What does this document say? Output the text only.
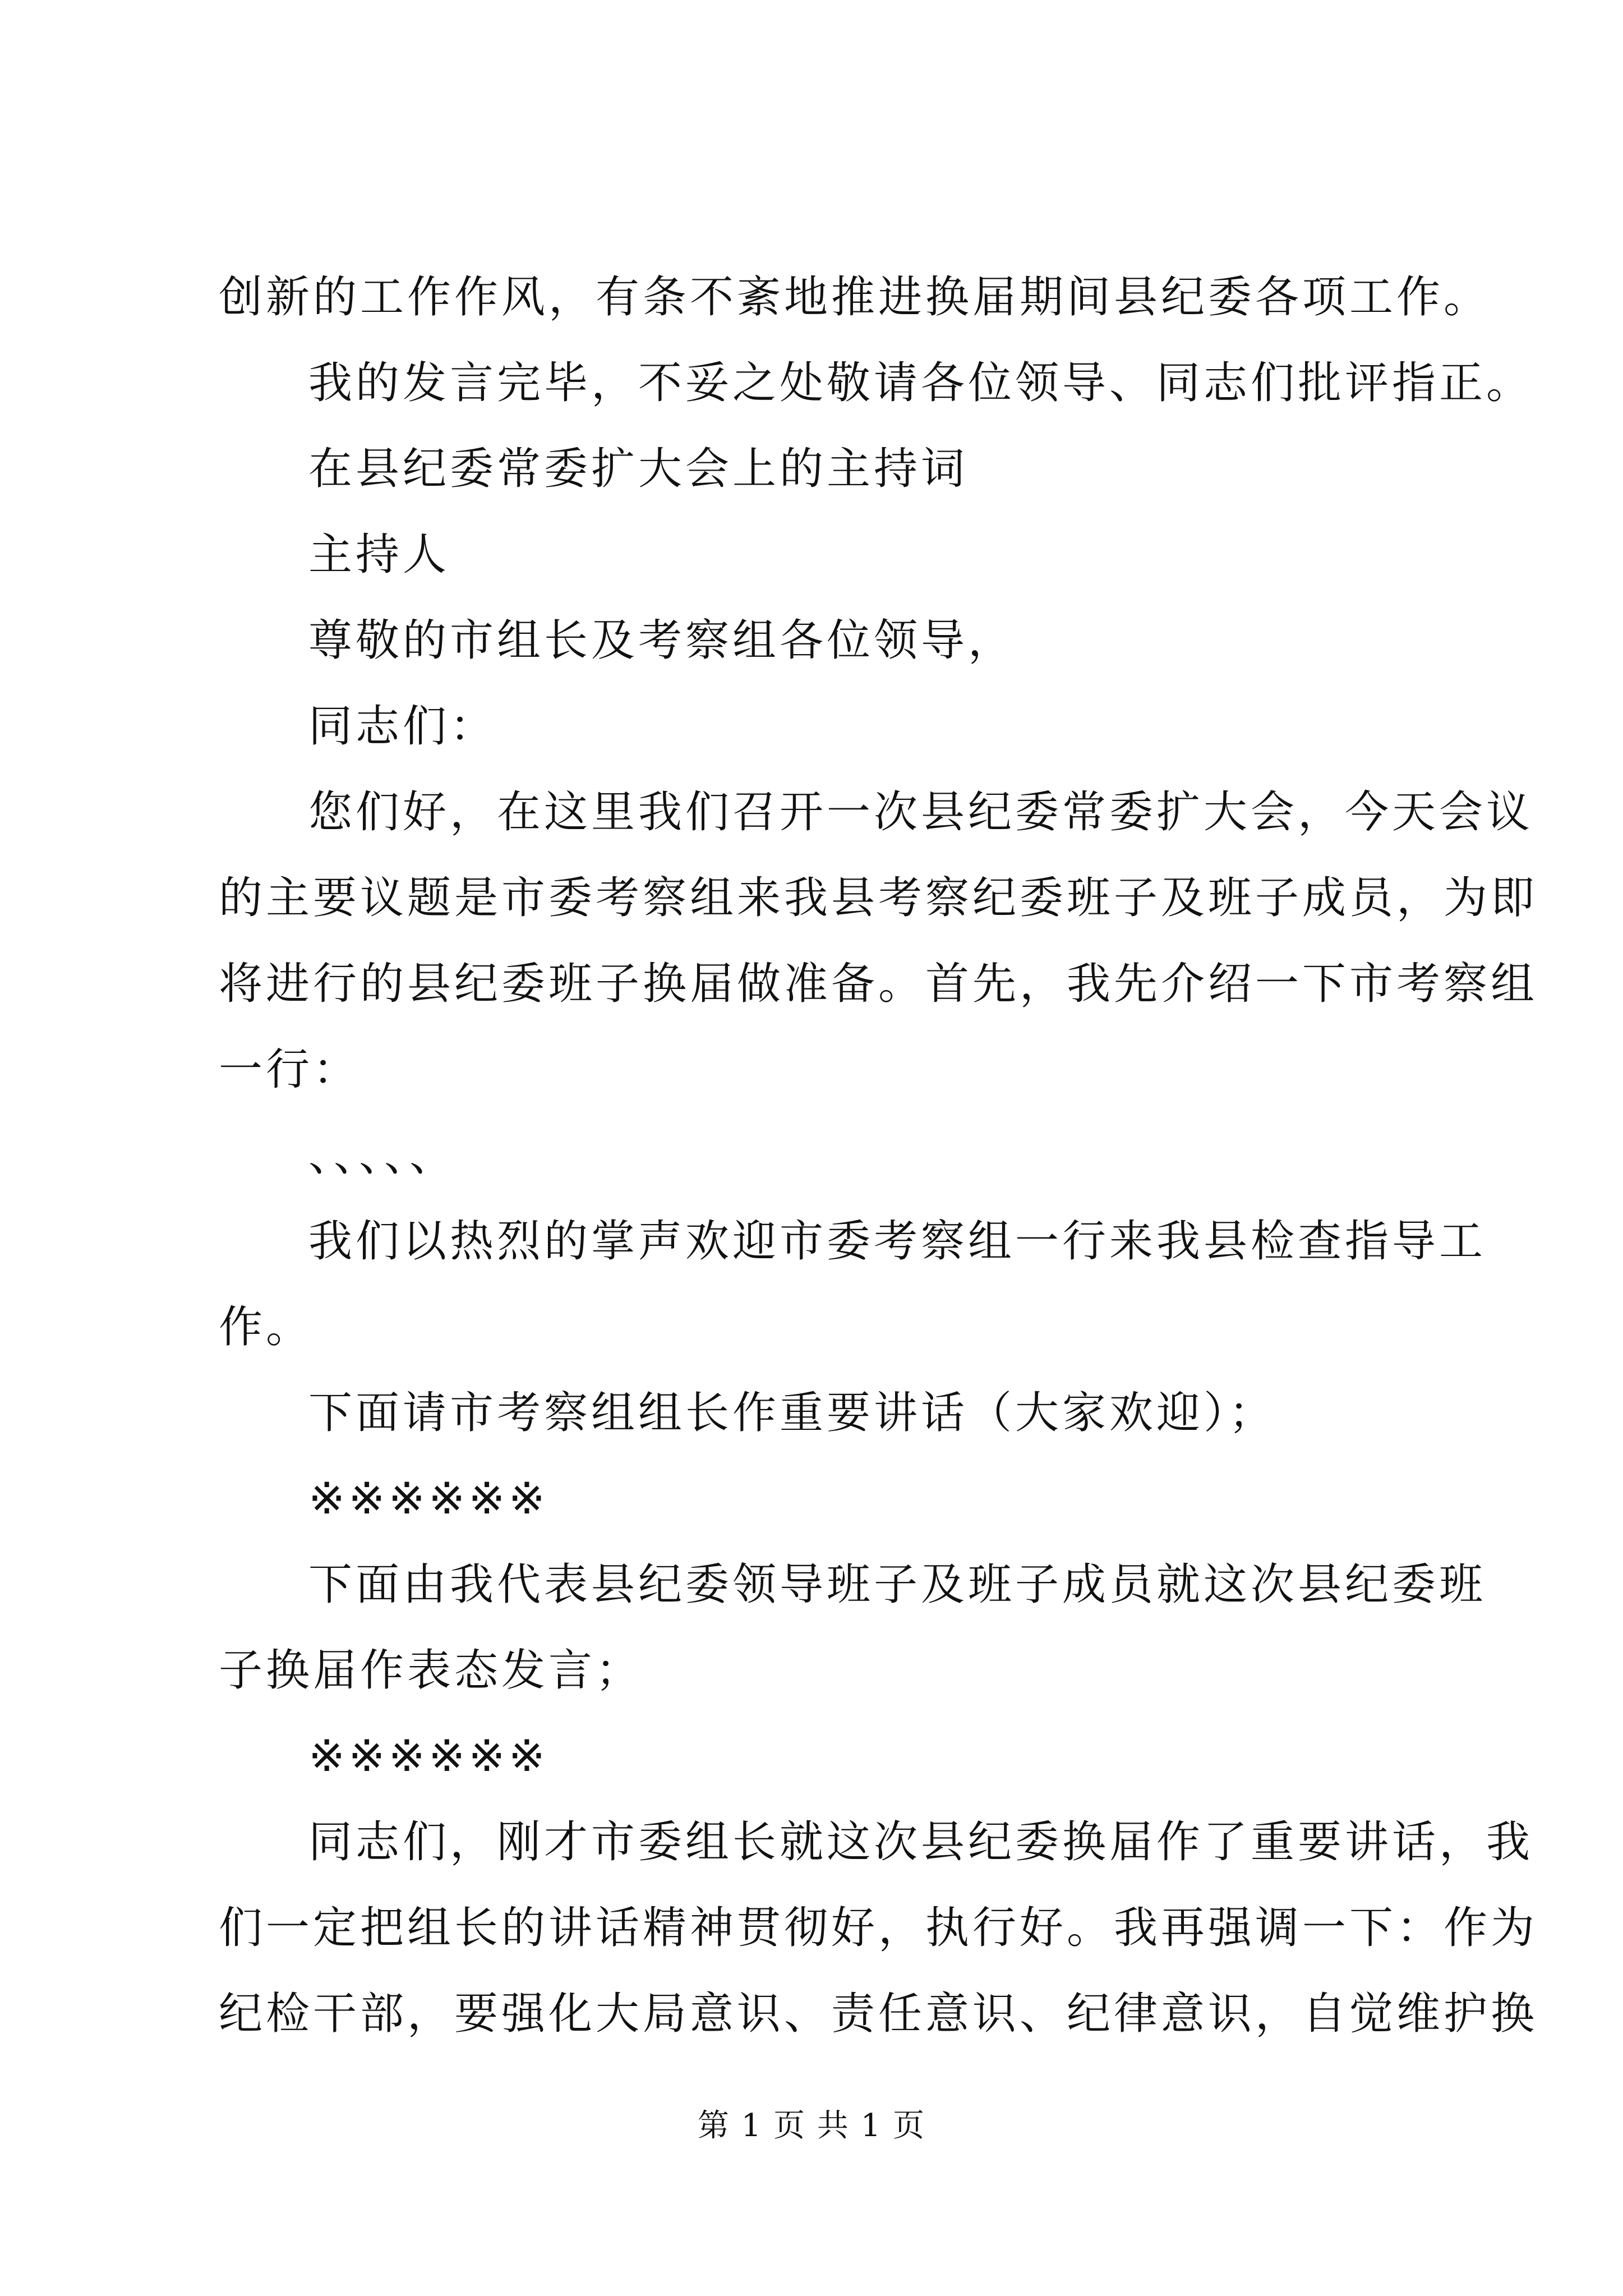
创新的工作作风，有条不紊地推进换届期间县纪委各项工作。
我的发言完毕，不妥之处敬请各位领导、同志们批评指正。
在县纪委常委扩大会上的主持词
主持人
尊敬的市组长及考察组各位领导，
同志们：
您们好，在这里我们召开一次县纪委常委扩大会，今天会议
的主要议题是市委考察组来我县考察纪委班子及班子成员，为即
将进行的县纪委班子换届做准备。首先，我先介绍一下市考察组
一行：
、、、、、
我们以热烈的掌声欢迎市委考察组一行来我县检查指导工
作。
下面请市考察组组长作重要讲话（大家欢迎）；
※※※※※※
下面由我代表县纪委领导班子及班子成员就这次县纪委班
子换届作表态发言；
※※※※※※
同志们，刚才市委组长就这次县纪委换届作了重要讲话，我
们一定把组长的讲话精神贯彻好，执行好。我再强调一下：作为
纪检干部，要强化大局意识、责任意识、纪律意识，自觉维护换
第 1 页 共 1 页
